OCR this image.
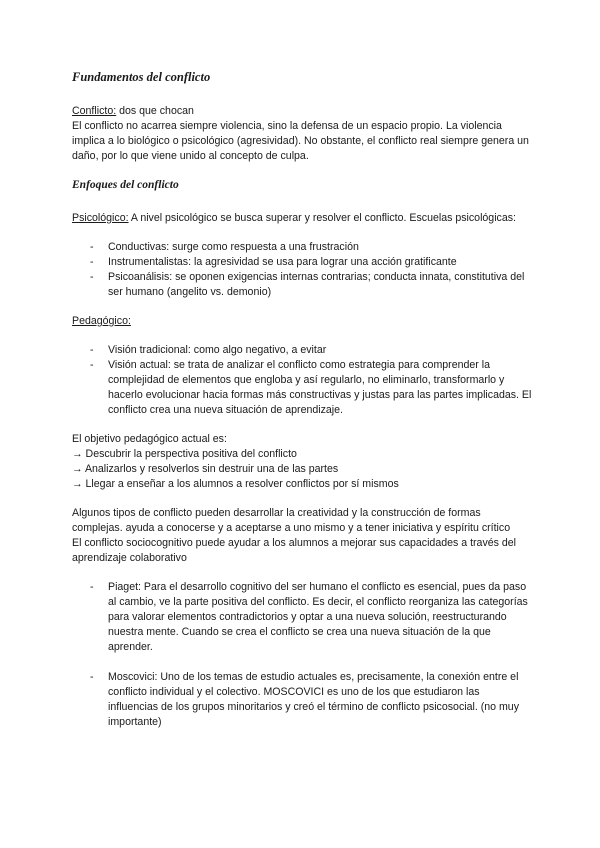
Fundamentos del conflicto

Conflicto: dos que chocan

El conflicto no acarrea siempre violencia, sino la defensa de un espacio propio. La violencia implica a lo biológico o psicológico (agresividad). No obstante, el conflicto real siempre genera un daño, por lo que viene unido al concepto de culpa.

Enfoques del conflicto

Psicológico: A nivel psicológico se busca superar y resolver el conflicto. Escuelas psicológicas:

- Conductivas: surge como respuesta a una frustración
- Instrumentalistas: la agresividad se usa para lograr una acción gratificante
- Psicoanálisis: se oponen exigencias internas contrarias; conducta innata, constitutiva del ser humano (angelito vs. demonio)

Pedagógico:

- Visión tradicional: como algo negativo, a evitar
- Visión actual: se trata de analizar el conflicto como estrategia para comprender la complejidad de elementos que engloba y así regularlo, no eliminarlo, transformarlo y hacerlo evolucionar hacia formas más constructivas y justas para las partes implicadas. El conflicto crea una nueva situación de aprendizaje.

El objetivo pedagógico actual es:

→ Descubrir la perspectiva positiva del conflicto

→ Analizarlos y resolverlos sin destruir una de las partes

→ Llegar a enseñar a los alumnos a resolver conflictos por sí mismos

Algunos tipos de conflicto pueden desarrollar la creatividad y la construcción de formas complejas. ayuda a conocerse y a aceptarse a uno mismo y a tener iniciativa y espíritu crítico

El conflicto sociocognitivo puede ayudar a los alumnos a mejorar sus capacidades a través del aprendizaje colaborativo

- Piaget: Para el desarrollo cognitivo del ser humano el conflicto es esencial, pues da paso al cambio, ve la parte positiva del conflicto. Es decir, el conflicto reorganiza las categorías para valorar elementos contradictorios y optar a una nueva solución, reestructurando nuestra mente. Cuando se crea el conflicto se crea una nueva situación de la que aprender.
- Moscovici: Uno de los temas de estudio actuales es, precisamente, la conexión entre el conflicto individual y el colectivo. MOSCOVICI es uno de los que estudiaron las influencias de los grupos minoritarios y creó el término de conflicto psicosocial. (no muy importante)
